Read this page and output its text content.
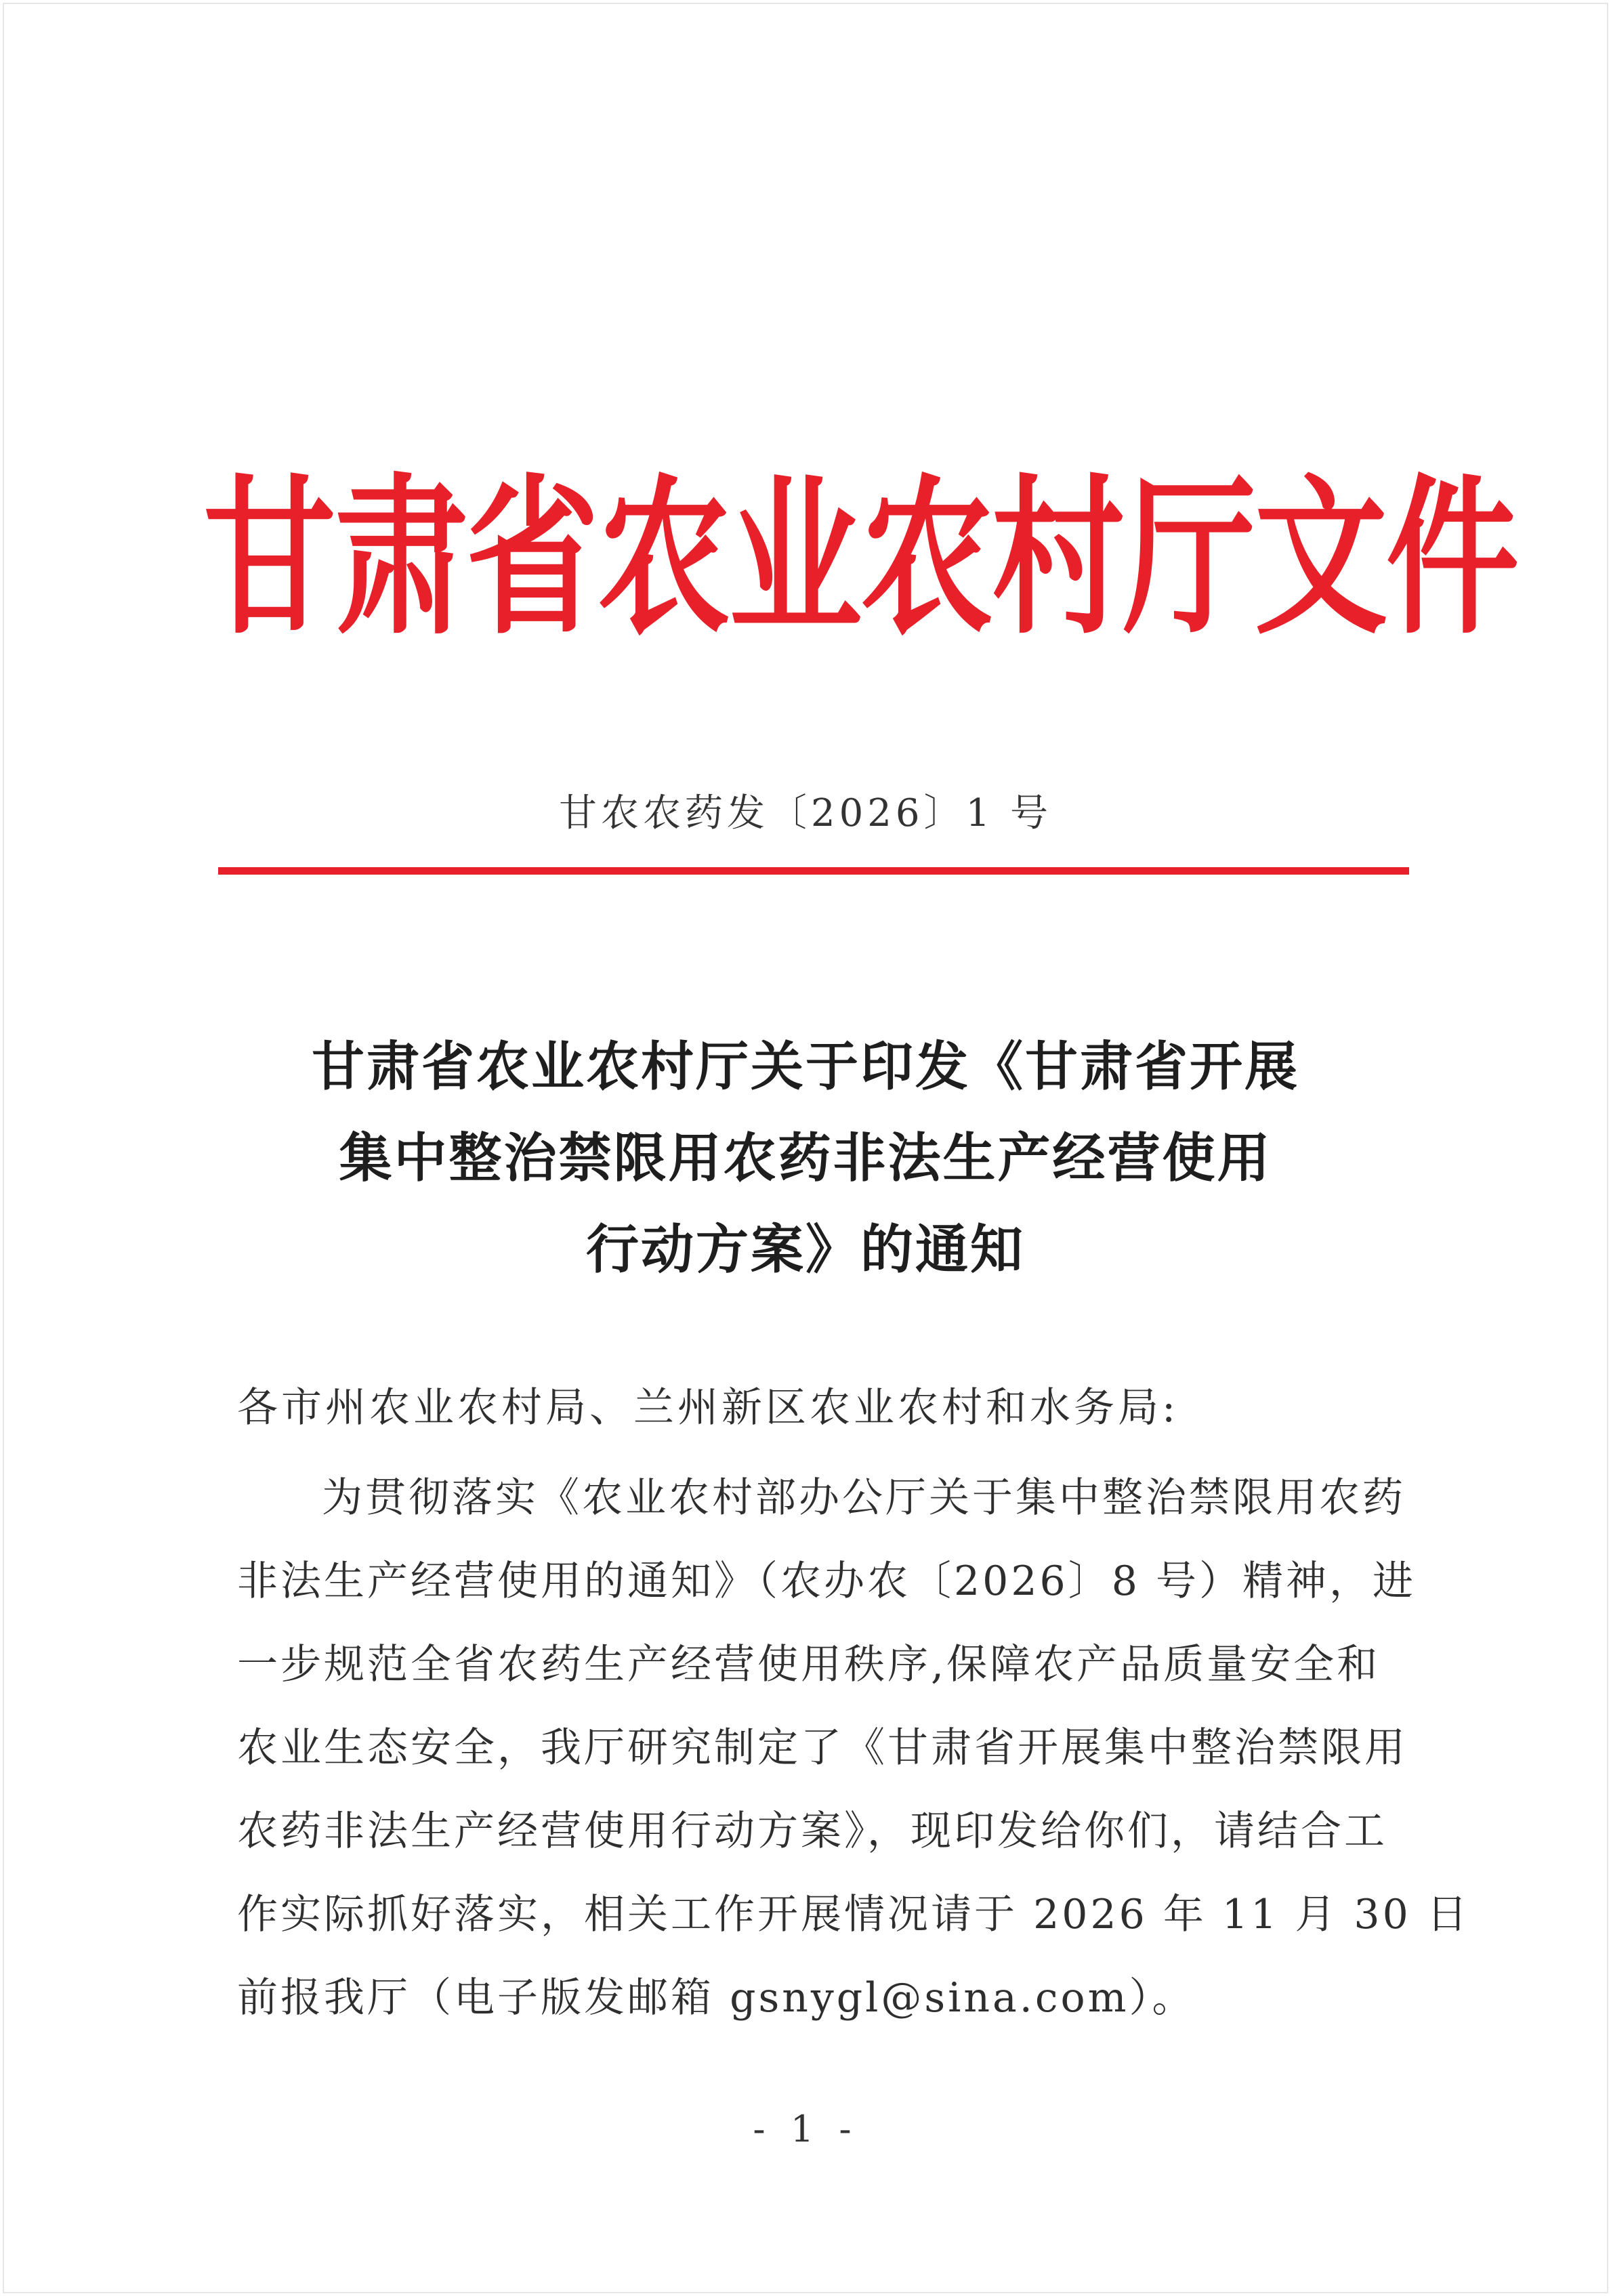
甘肃省农业农村厅文件
甘农农药发〔2026〕1 号
甘肃省农业农村厅关于印发《甘肃省开展
集中整治禁限用农药非法生产经营使用
行动方案》的通知
各市州农业农村局、兰州新区农业农村和水务局:
为贯彻落实《农业农村部办公厅关于集中整治禁限用农药
非法生产经营使用的通知》（农办农〔2026〕8 号）精神，进
一步规范全省农药生产经营使用秩序,保障农产品质量安全和
农业生态安全，我厅研究制定了《甘肃省开展集中整治禁限用
农药非法生产经营使用行动方案》，现印发给你们，请结合工
作实际抓好落实，相关工作开展情况请于 2026 年 11 月 30 日
前报我厅（电子版发邮箱 gsnygl@sina.com）。
- 1 -
